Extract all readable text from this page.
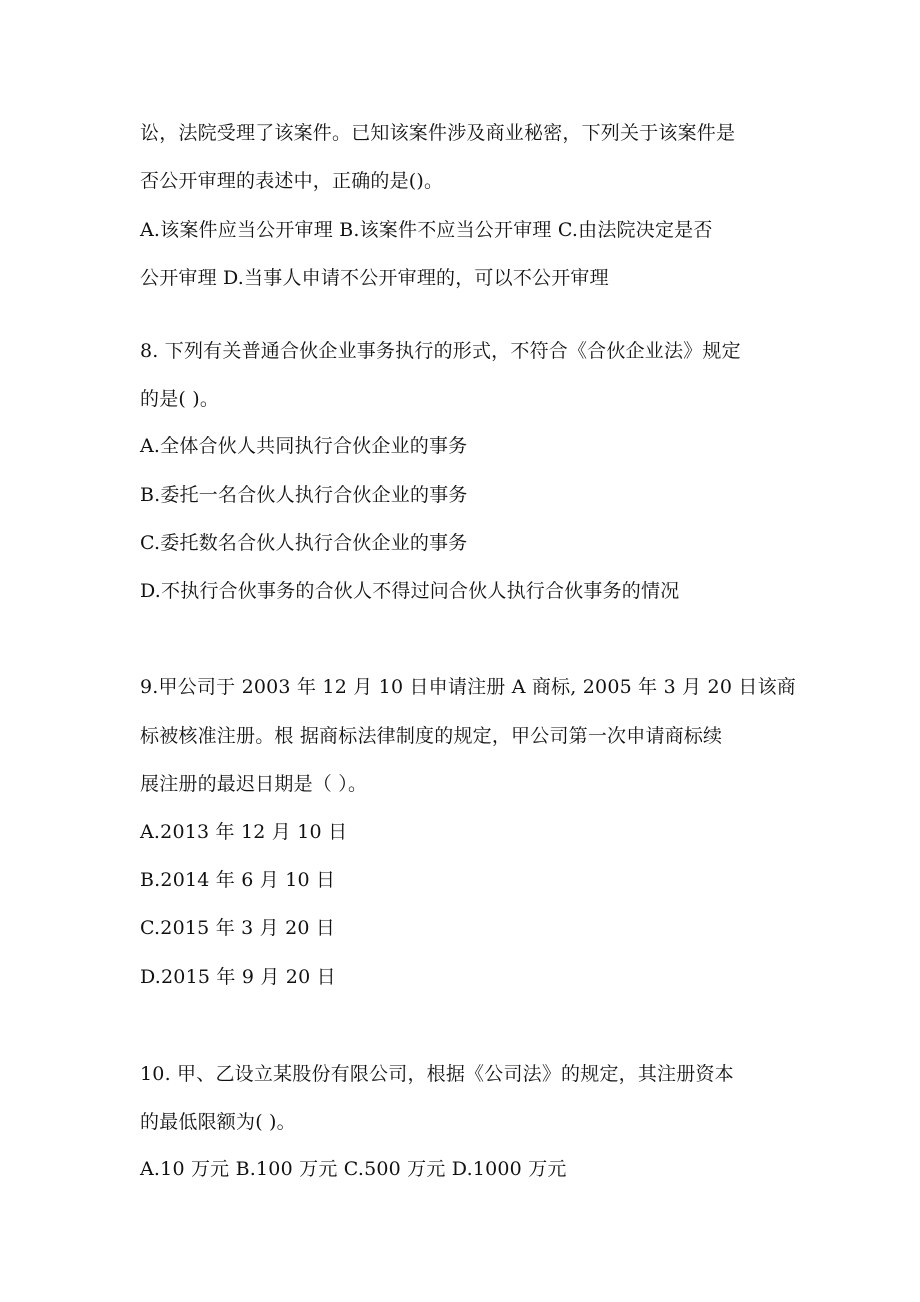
讼，法院受理了该案件。已知该案件涉及商业秘密，下列关于该案件是
否公开审理的表述中，正确的是()。
A.该案件应当公开审理 B.该案件不应当公开审理 C.由法院决定是否
公开审理 D.当事人申请不公开审理的，可以不公开审理
8. 下列有关普通合伙企业事务执行的形式，不符合《合伙企业法》规定
的是( )。
A.全体合伙人共同执行合伙企业的事务
B.委托一名合伙人执行合伙企业的事务
C.委托数名合伙人执行合伙企业的事务
D.不执行合伙事务的合伙人不得过问合伙人执行合伙事务的情况
9.甲公司于 2003 年 12 月 10 日申请注册 A 商标, 2005 年 3 月 20 日该商
标被核准注册。根 据商标法律制度的规定，甲公司第一次申请商标续
展注册的最迟日期是（ ）。
A.2013 年 12 月 10 日
B.2014 年 6 月 10 日
C.2015 年 3 月 20 日
D.2015 年 9 月 20 日
10. 甲、乙设立某股份有限公司，根据《公司法》的规定，其注册资本
的最低限额为( )。
A.10 万元 B.100 万元 C.500 万元 D.1000 万元
